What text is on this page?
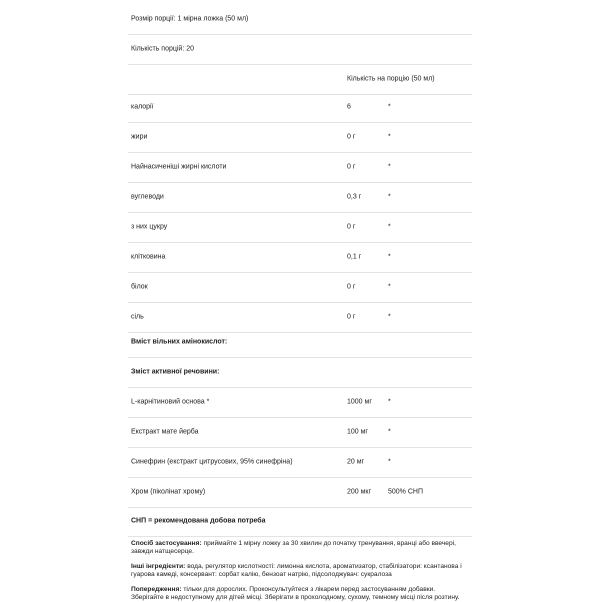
Розмір порції: 1 мірна ложка (50 мл)
Кількість порцій: 20
Кількість на порцію (50 мл)
калорії	6	*
жири	0 г	*
Найнасиченіші жирні кислоти	0 г	*
вуглеводи	0,3 г	*
з них цукру	0 г	*
клітковина	0,1 г	*
білок	0 г	*
сіль	0 г	*
Вміст вільних амінокислот:
Зміст активної речовини:
L-карнітиновий основа *	1000 мг *
Екстракт мате йерба	100 мг	*
Синефрин (екстракт цитрусових, 95% синефріна)	20 мг	*
Хром (піколінат хрому)	200 мкг 500% СНП
СНП = рекомендована добова потреба

Спосіб застосування: приймайте 1 мірну ложку за 30 хвилин до початку тренування, вранці або ввечері, завжди натщесерце.

Інші інгредієнти: вода, регулятор кислотності: лимонна кислота, ароматизатор, стабілізатори: ксантанова і гуарова камеді, консервант: сорбат калію, бензоат натрію, підсолоджувач: сукралоза

Попередження: тільки для дорослих. Проконсультуйтеся з лікарем перед застосуванням добавки. Зберігайте в недоступному для дітей місці. Зберігати в прохолодному, сухому, темному місці після розтину.
